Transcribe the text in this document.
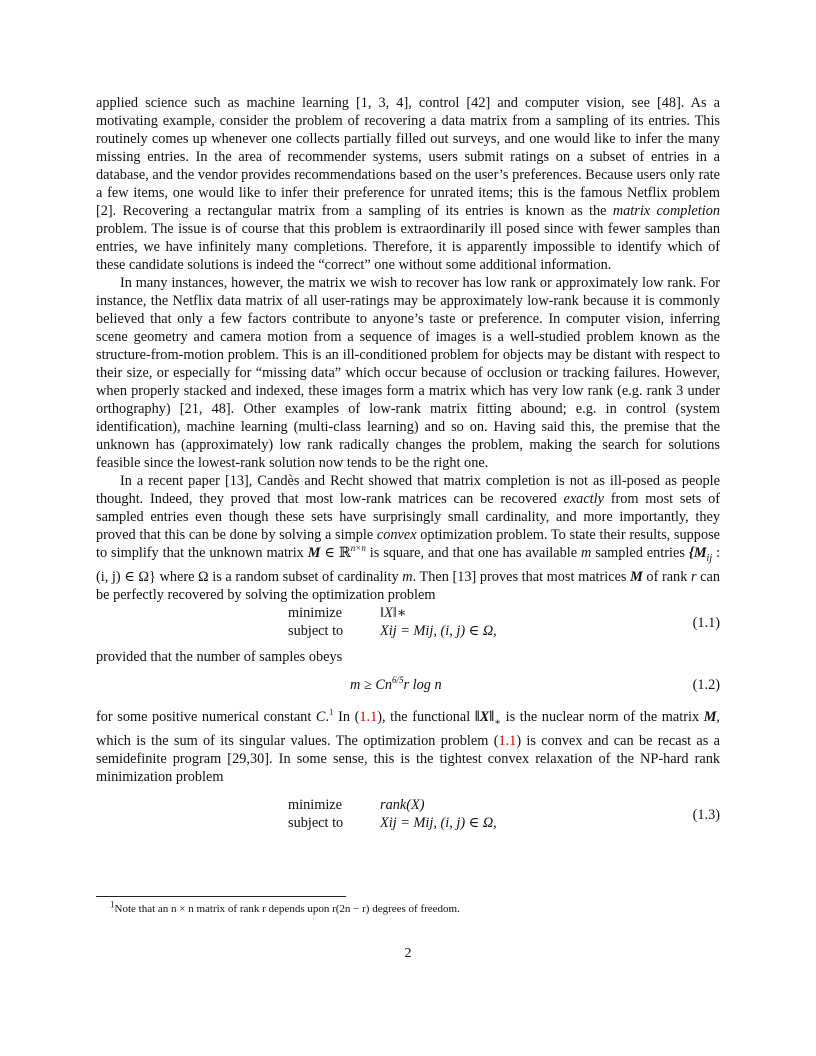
applied science such as machine learning [1, 3, 4], control [42] and computer vision, see [48]. As a motivating example, consider the problem of recovering a data matrix from a sampling of its entries. This routinely comes up whenever one collects partially filled out surveys, and one would like to infer the many missing entries. In the area of recommender systems, users submit ratings on a subset of entries in a database, and the vendor provides recommendations based on the user’s preferences. Because users only rate a few items, one would like to infer their preference for unrated items; this is the famous Netflix problem [2]. Recovering a rectangular matrix from a sampling of its entries is known as the matrix completion problem. The issue is of course that this problem is extraordinarily ill posed since with fewer samples than entries, we have infinitely many completions. Therefore, it is apparently impossible to identify which of these candidate solutions is indeed the “correct” one without some additional information.

In many instances, however, the matrix we wish to recover has low rank or approximately low rank. For instance, the Netflix data matrix of all user-ratings may be approximately low-rank because it is commonly believed that only a few factors contribute to anyone’s taste or preference. In computer vision, inferring scene geometry and camera motion from a sequence of images is a well-studied problem known as the structure-from-motion problem. This is an ill-conditioned problem for objects may be distant with respect to their size, or especially for “missing data” which occur because of occlusion or tracking failures. However, when properly stacked and indexed, these images form a matrix which has very low rank (e.g. rank 3 under orthography) [21, 48]. Other examples of low-rank matrix fitting abound; e.g. in control (system identification), machine learning (multi-class learning) and so on. Having said this, the premise that the unknown has (approximately) low rank radically changes the problem, making the search for solutions feasible since the lowest-rank solution now tends to be the right one.

In a recent paper [13], Candès and Recht showed that matrix completion is not as ill-posed as people thought. Indeed, they proved that most low-rank matrices can be recovered exactly from most sets of sampled entries even though these sets have surprisingly small cardinality, and more importantly, they proved that this can be done by solving a simple convex optimization problem. To state their results, suppose to simplify that the unknown matrix M ∈ ℝ$^{n\times n}$ is square, and that one has available m sampled entries {$M_{ij}$ : (i, j) ∈ Ω} where Ω is a random subset of cardinality m. Then [13] proves that most matrices M of rank r can be perfectly recovered by solving the optimization problem

minimize	‖X‖∗
subject to	Xij = Mij, (i, j) ∈ Ω,	(1.1)

provided that the number of samples obeys

$m \ge Cn^{6/5}r$ log n	(1.2)

for some positive numerical constant C.$^1$ In (1.1), the functional $‖X‖_∗$ is the nuclear norm of the matrix M, which is the sum of its singular values. The optimization problem (1.1) is convex and can be recast as a semidefinite program [29,30]. In some sense, this is the tightest convex relaxation of the NP-hard rank minimization problem

minimize	rank(X)
subject to	Xij = Mij, (i, j) ∈ Ω,	(1.3)
$^1$Note that an n × n matrix of rank r depends upon r(2n − r) degrees of freedom.
2
